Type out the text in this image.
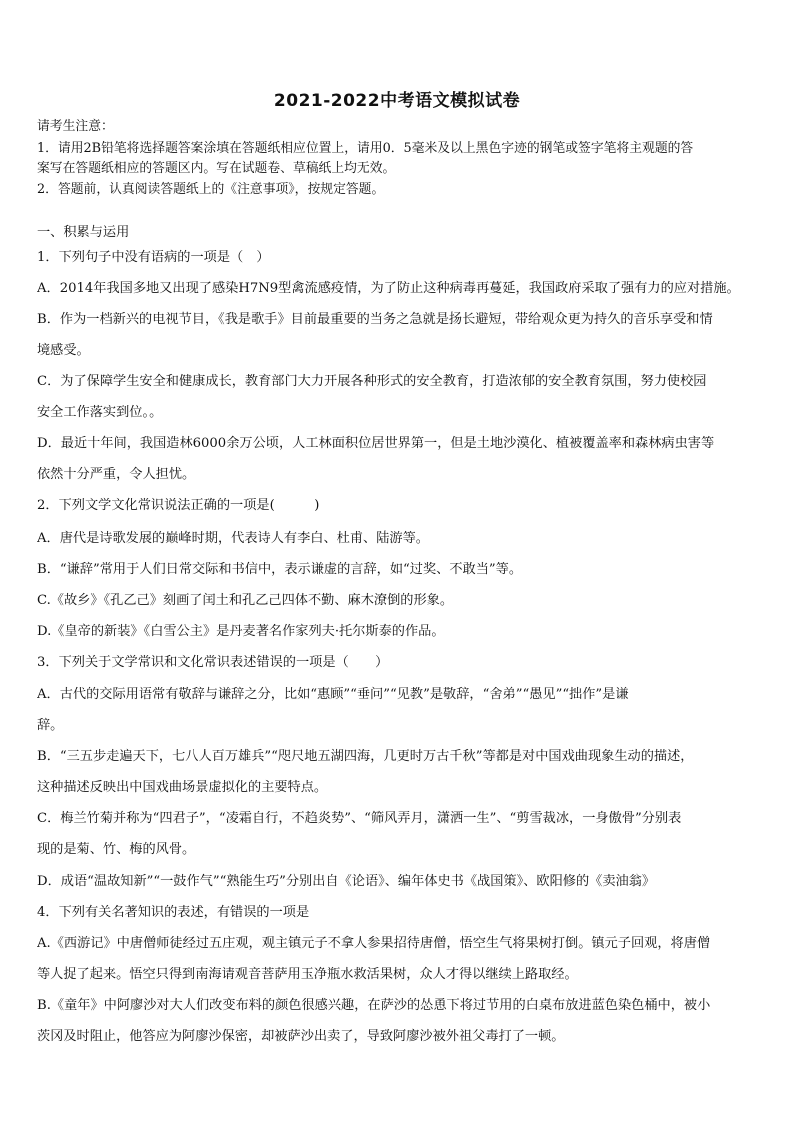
2021-2022中考语文模拟试卷
请考生注意：
1．请用2B铅笔将选择题答案涂填在答题纸相应位置上，请用0．5毫米及以上黑色字迹的钢笔或签字笔将主观题的答
案写在答题纸相应的答题区内。写在试题卷、草稿纸上均无效。
2．答题前，认真阅读答题纸上的《注意事项》，按规定答题。
一、积累与运用
1．下列句子中没有语病的一项是（　）
A．2014年我国多地又出现了感染H7N9型禽流感疫情，为了防止这种病毒再蔓延，我国政府采取了强有力的应对措施。
B．作为一档新兴的电视节目，《我是歌手》目前最重要的当务之急就是扬长避短，带给观众更为持久的音乐享受和情
境感受。
C．为了保障学生安全和健康成长，教育部门大力开展各种形式的安全教育，打造浓郁的安全教育氛围，努力使校园
安全工作落实到位。。
D．最近十年间，我国造林6000余万公顷，人工林面积位居世界第一，但是土地沙漠化、植被覆盖率和森林病虫害等
依然十分严重，令人担忧。
2．下列文学文化常识说法正确的一项是(　　　)
A．唐代是诗歌发展的巅峰时期，代表诗人有李白、杜甫、陆游等。
B．“谦辞”常用于人们日常交际和书信中，表示谦虚的言辞，如“过奖、不敢当”等。
C.《故乡》《孔乙己》刻画了闰土和孔乙己四体不勤、麻木潦倒的形象。
D.《皇帝的新装》《白雪公主》是丹麦著名作家列夫·托尔斯泰的作品。
3．下列关于文学常识和文化常识表述错误的一项是（　　）
A．古代的交际用语常有敬辞与谦辞之分，比如“惠顾”“垂问”“见教”是敬辞，“舍弟”“愚见”“拙作”是谦
辞。
B．“三五步走遍天下，七八人百万雄兵”“咫尺地五湖四海，几更时万古千秋”等都是对中国戏曲现象生动的描述，
这种描述反映出中国戏曲场景虚拟化的主要特点。
C．梅兰竹菊并称为“四君子”，“凌霜自行，不趋炎势”、“筛风弄月，潇洒一生”、“剪雪裁冰，一身傲骨”分别表
现的是菊、竹、梅的风骨。
D．成语“温故知新”“一鼓作气”“熟能生巧”分别出自《论语》、编年体史书《战国策》、欧阳修的《卖油翁》
4．下列有关名著知识的表述，有错误的一项是
A.《西游记》中唐僧师徒经过五庄观，观主镇元子不拿人参果招待唐僧，悟空生气将果树打倒。镇元子回观，将唐僧
等人捉了起来。悟空只得到南海请观音菩萨用玉净瓶水救活果树，众人才得以继续上路取经。
B.《童年》中阿廖沙对大人们改变布料的颜色很感兴趣，在萨沙的怂恿下将过节用的白桌布放进蓝色染色桶中，被小
茨冈及时阻止，他答应为阿廖沙保密，却被萨沙出卖了，导致阿廖沙被外祖父毒打了一顿。
